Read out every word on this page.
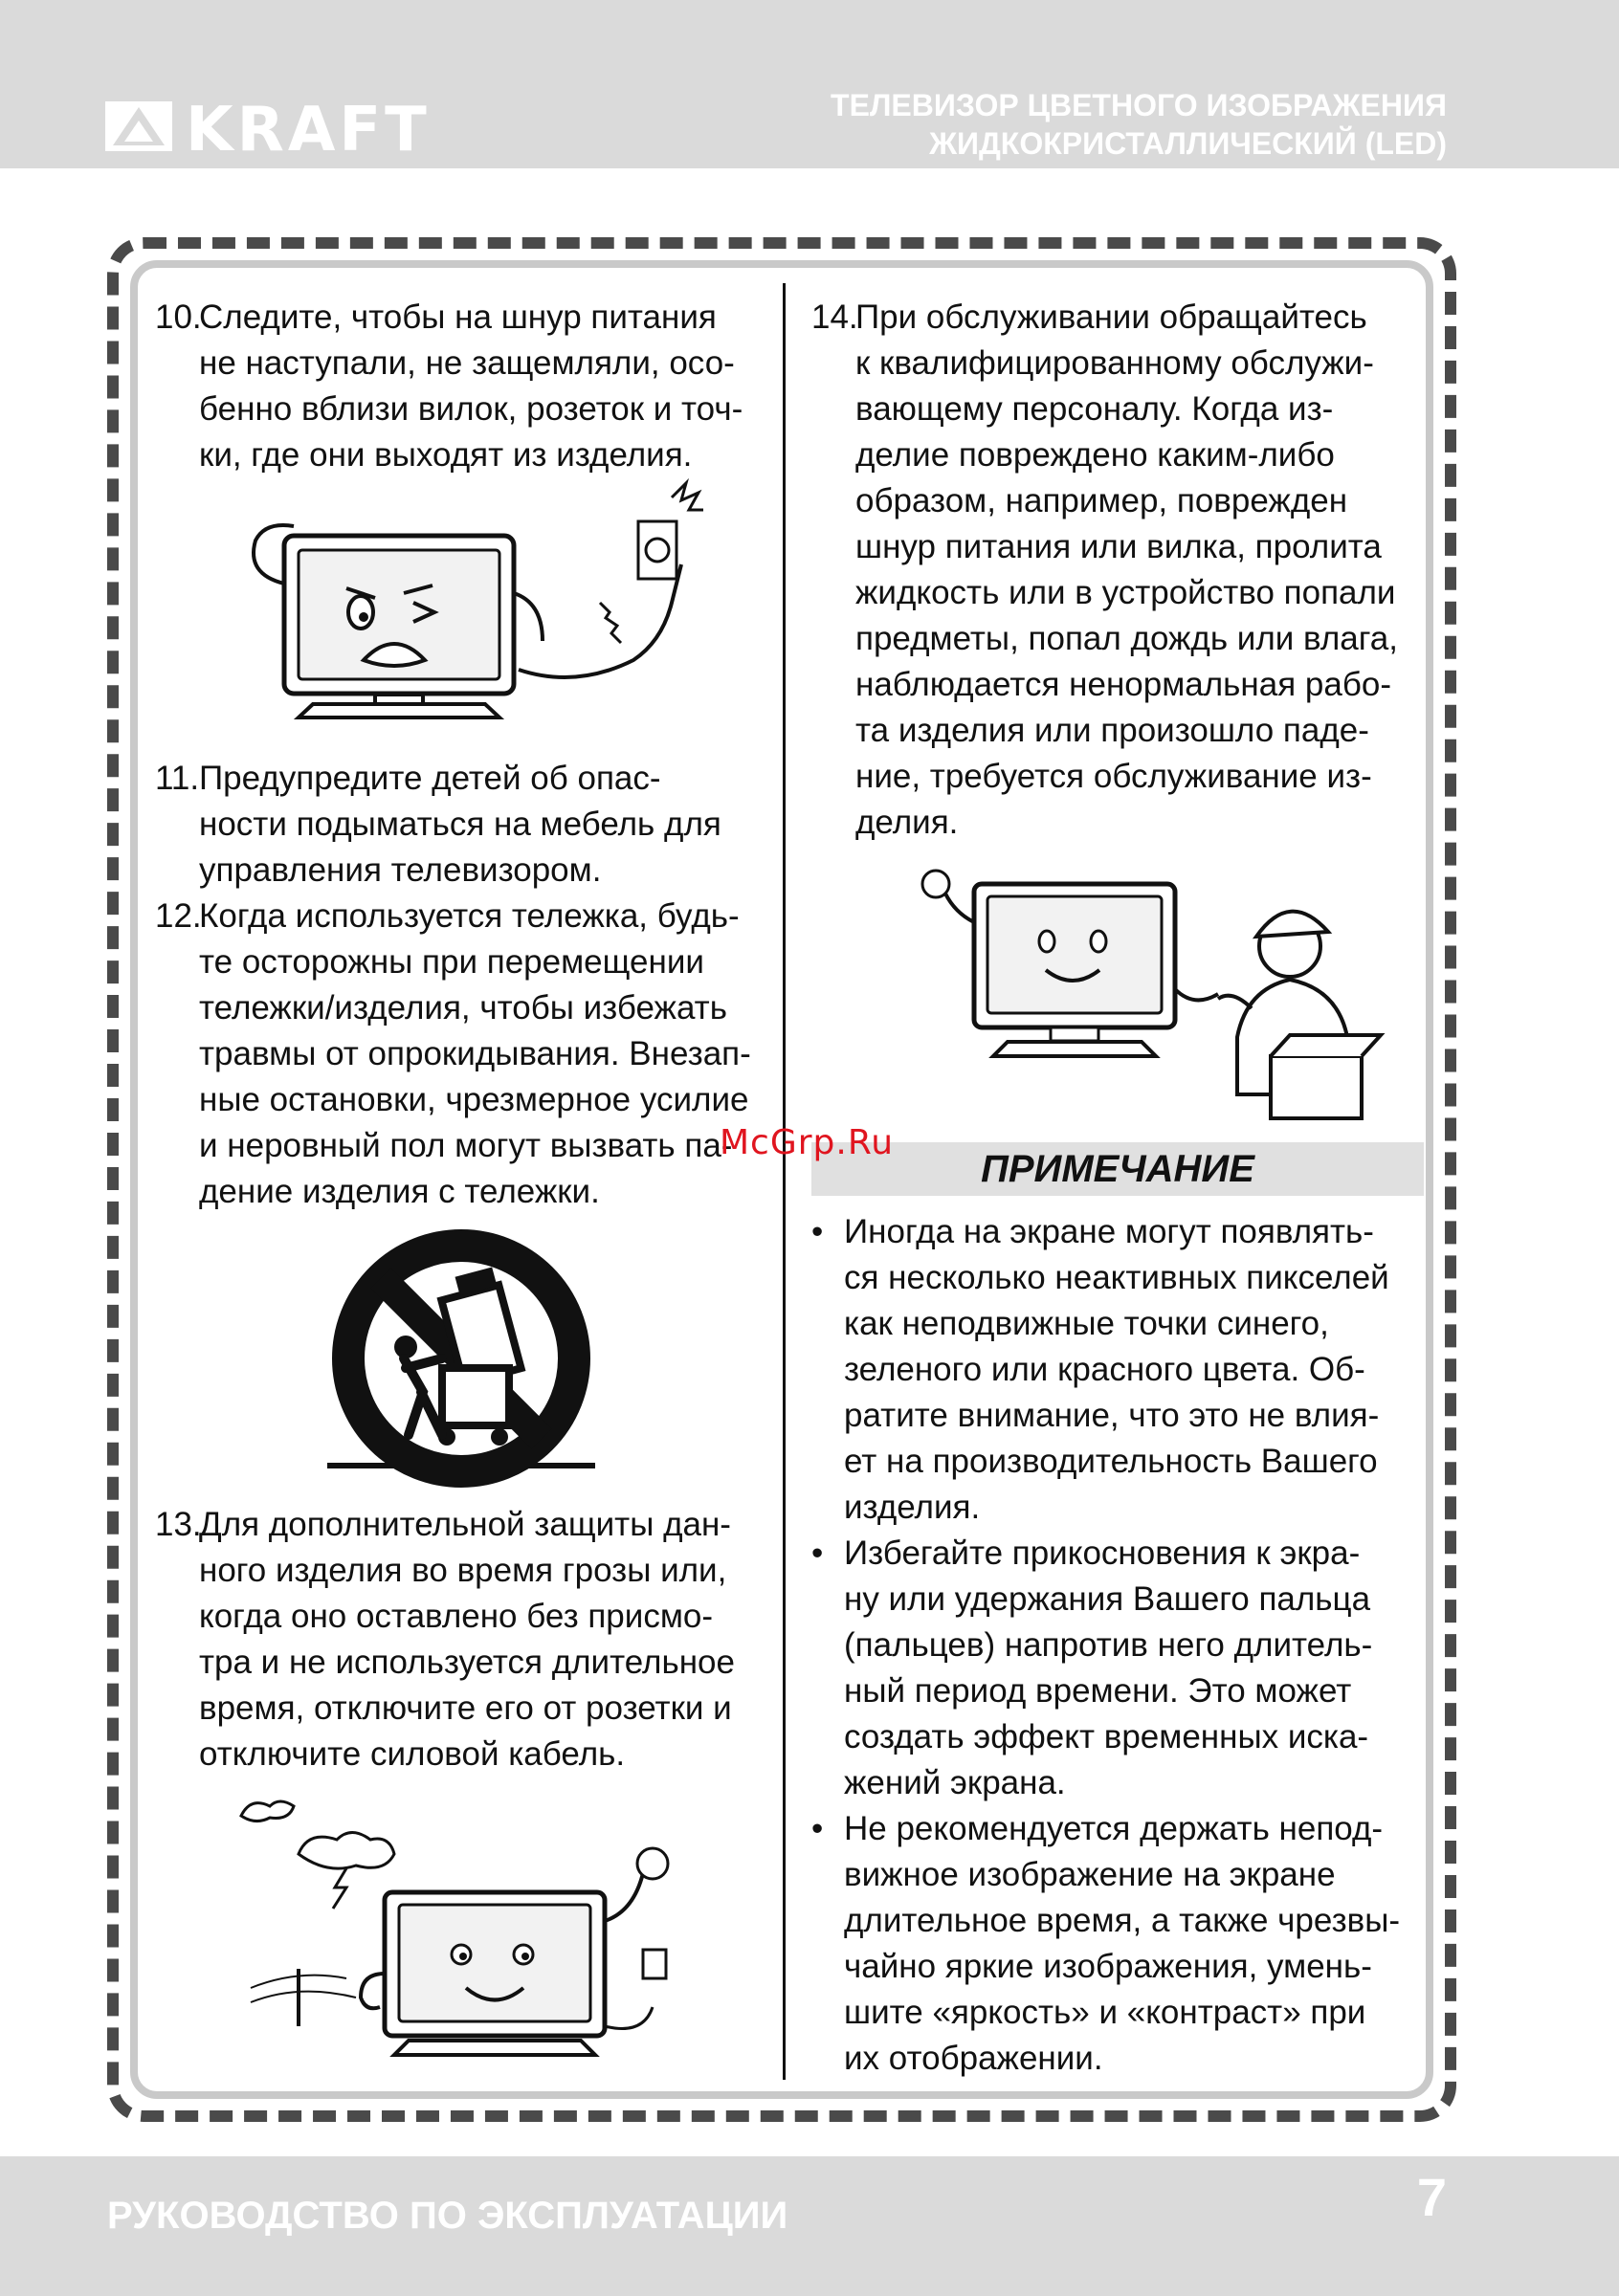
KRAFT	ТЕЛЕВИЗОР ЦВЕТНОГО ИЗОБРАЖЕНИЯ
ЖИДКОКРИСТАЛЛИЧЕСКИЙ (LED)
10.
Следите, чтобы на шнур питания
не наступали, не защемляли, осо-
бенно вблизи вилок, розеток и точ-
ки, где они выходят из изделия.
11. Предупредите детей об опас-
ности подыматься на мебель для
управления телевизором.
12.
Когда используется тележка, будь-
те осторожны при перемещении
тележки/изделия, чтобы избежать
травмы от опрокидывания. Внезап-
ные остановки, чрезмерное усилие
и неровный пол могут вызвать па-
дение изделия с тележки.
13.
Для дополнительной защиты дан-
ного изделия во время грозы или,
когда оно оставлено без присмо-
тра и не используется длительное
время, отключите его от розетки и
отключите силовой кабель.
14.
При обслуживании обращайтесь
к квалифицированному обслужи-
вающему персоналу. Когда из-
делие повреждено каким-либо
образом, например, поврежден
шнур питания или вилка, пролита
жидкость или в устройство попали
предметы, попал дождь или влага,
наблюдается ненормальная рабо-
та изделия или произошло паде-
ние, требуется обслуживание из-
делия.
ПРИМЕЧАНИЕ
• Иногда на экране могут появлять-
ся несколько неактивных пикселей
как неподвижные точки синего,
зеленого или красного цвета. Об-
ратите внимание, что это не влия-
ет на производительность Вашего
изделия.
• Избегайте прикосновения к экра-
ну или удержания Вашего пальца
(пальцев) напротив него длитель-
ный период времени. Это может
создать эффект временных иска-
жений экрана.
• Не рекомендуется держать непод-
вижное изображение на экране
длительное время, а также чрезвы-
чайно яркие изображения, умень-
шите «яркость» и «контраст» при
их отображении.
McGrp.Ru
РУКОВОДСТВО ПО ЭКСПЛУАТАЦИИ	7
